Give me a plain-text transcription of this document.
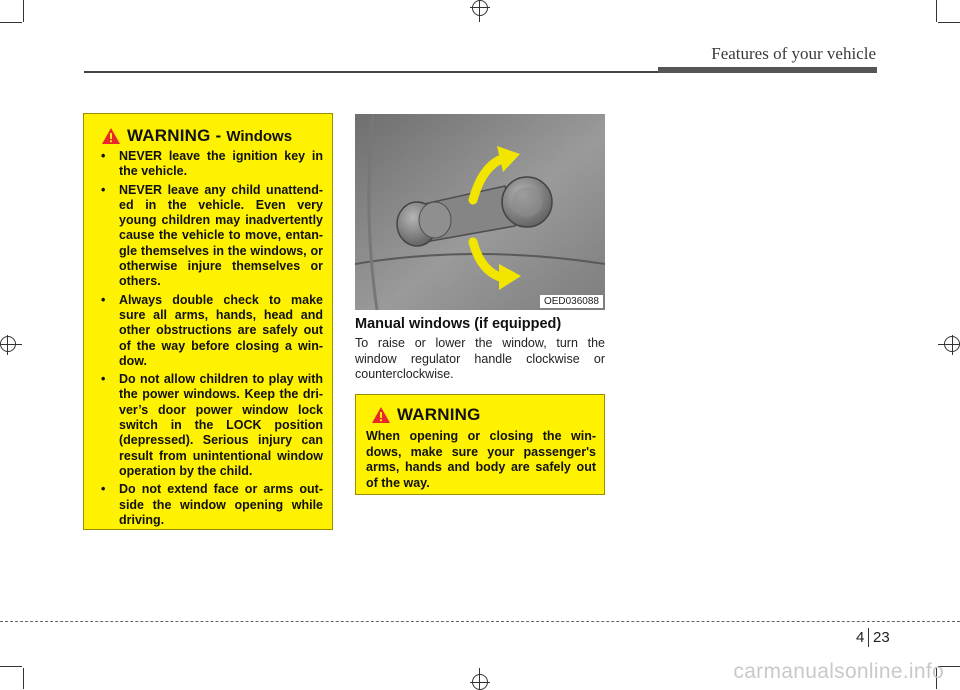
Features of your vehicle
WARNING - Windows
• NEVER leave the ignition key in the vehicle.
• NEVER leave any child unattend-ed in the vehicle. Even very young children may inadvertently cause the vehicle to move, entan-gle themselves in the windows, or otherwise injure themselves or others.
• Always double check to make sure all arms, hands, head and other obstructions are safely out of the way before closing a win-dow.
• Do not allow children to play with the power windows. Keep the dri-ver’s door power window lock switch in the LOCK position (depressed). Serious injury can result from unintentional window operation by the child.
• Do not extend face or arms out-side the window opening while driving.
OED036088
Manual windows (if equipped)
To raise or lower the window, turn the window regulator handle clockwise or counterclockwise.
WARNING
When opening or closing the win-dows, make sure your passenger's arms, hands and body are safely out of the way.
4 23
carmanualsonline.info
